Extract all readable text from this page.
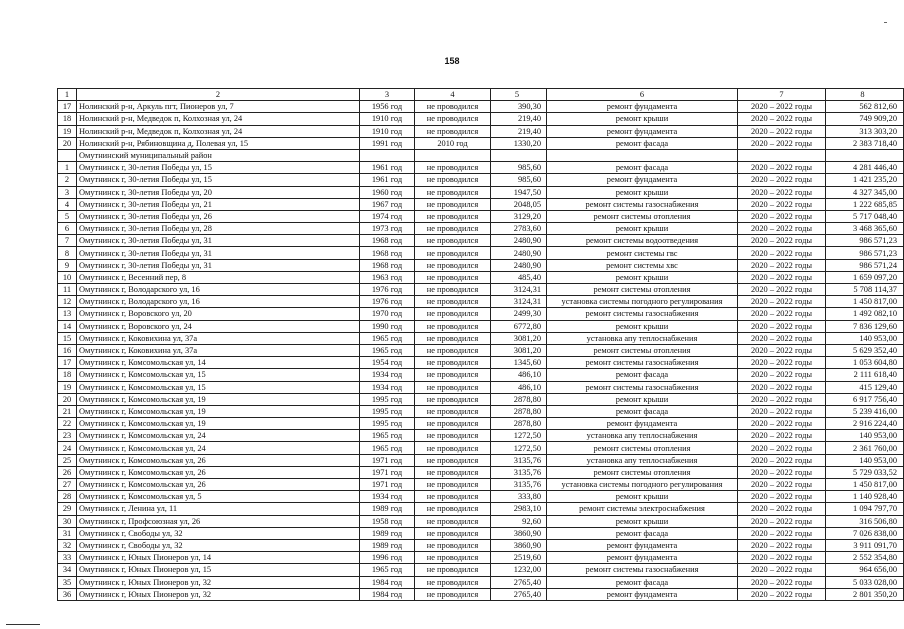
158
1	2	3	4	5	6	7	8
17	Нолинский р-н, Аркуль пгт, Пионеров ул, 7	1956 год	не проводился	390,30	ремонт фундамента	2020 – 2022 годы	562 812,60
18	Нолинский р-н, Медведок п, Колхозная ул, 24	1910 год	не проводился	219,40	ремонт крыши	2020 – 2022 годы	749 909,20
19	Нолинский р-н, Медведок п, Колхозная ул, 24	1910 год	не проводился	219,40	ремонт фундамента	2020 – 2022 годы	313 303,20
20	Нолинский р-н, Рябиновщина д, Полевая ул, 15	1991 год	2010 год	1330,20	ремонт фасада	2020 – 2022 годы	2 383 718,40
	Омутнинский муниципальный район						
1	Омутнинск г, 30-летия Победы ул, 15	1961 год	не проводился	985,60	ремонт фасада	2020 – 2022 годы	4 281 446,40
2	Омутнинск г, 30-летия Победы ул, 15	1961 год	не проводился	985,60	ремонт фундамента	2020 – 2022 годы	1 421 235,20
3	Омутнинск г, 30-летия Победы ул, 20	1960 год	не проводился	1947,50	ремонт крыши	2020 – 2022 годы	4 327 345,00
4	Омутнинск г, 30-летия Победы ул, 21	1967 год	не проводился	2048,05	ремонт системы газоснабжения	2020 – 2022 годы	1 222 685,85
5	Омутнинск г, 30-летия Победы ул, 26	1974 год	не проводился	3129,20	ремонт системы отопления	2020 – 2022 годы	5 717 048,40
6	Омутнинск г, 30-летия Победы ул, 28	1973 год	не проводился	2783,60	ремонт крыши	2020 – 2022 годы	3 468 365,60
7	Омутнинск г, 30-летия Победы ул, 31	1968 год	не проводился	2480,90	ремонт системы водоотведения	2020 – 2022 годы	986 571,23
8	Омутнинск г, 30-летия Победы ул, 31	1968 год	не проводился	2480,90	ремонт системы гвс	2020 – 2022 годы	986 571,23
9	Омутнинск г, 30-летия Победы ул, 31	1968 год	не проводился	2480,90	ремонт системы хвс	2020 – 2022 годы	986 571,24
10	Омутнинск г, Весенний пер, 8	1963 год	не проводился	485,40	ремонт крыши	2020 – 2022 годы	1 659 097,20
11	Омутнинск г, Володарского ул, 16	1976 год	не проводился	3124,31	ремонт системы отопления	2020 – 2022 годы	5 708 114,37
12	Омутнинск г, Володарского ул, 16	1976 год	не проводился	3124,31	установка системы погодного регулирования	2020 – 2022 годы	1 450 817,00
13	Омутнинск г, Воровского ул, 20	1970 год	не проводился	2499,30	ремонт системы газоснабжения	2020 – 2022 годы	1 492 082,10
14	Омутнинск г, Воровского ул, 24	1990 год	не проводился	6772,80	ремонт крыши	2020 – 2022 годы	7 836 129,60
15	Омутнинск г, Коковихина ул, 37а	1965 год	не проводился	3081,20	установка апу теплоснабжения	2020 – 2022 годы	140 953,00
16	Омутнинск г, Коковихина ул, 37а	1965 год	не проводился	3081,20	ремонт системы отопления	2020 – 2022 годы	5 629 352,40
17	Омутнинск г, Комсомольская ул, 14	1954 год	не проводился	1345,60	ремонт системы газоснабжения	2020 – 2022 годы	1 053 604,80
18	Омутнинск г, Комсомольская ул, 15	1934 год	не проводился	486,10	ремонт фасада	2020 – 2022 годы	2 111 618,40
19	Омутнинск г, Комсомольская ул, 15	1934 год	не проводился	486,10	ремонт системы газоснабжения	2020 – 2022 годы	415 129,40
20	Омутнинск г, Комсомольская ул, 19	1995 год	не проводился	2878,80	ремонт крыши	2020 – 2022 годы	6 917 756,40
21	Омутнинск г, Комсомольская ул, 19	1995 год	не проводился	2878,80	ремонт фасада	2020 – 2022 годы	5 239 416,00
22	Омутнинск г, Комсомольская ул, 19	1995 год	не проводился	2878,80	ремонт фундамента	2020 – 2022 годы	2 916 224,40
23	Омутнинск г, Комсомольская ул, 24	1965 год	не проводился	1272,50	установка апу теплоснабжения	2020 – 2022 годы	140 953,00
24	Омутнинск г, Комсомольская ул, 24	1965 год	не проводился	1272,50	ремонт системы отопления	2020 – 2022 годы	2 361 760,00
25	Омутнинск г, Комсомольская ул, 26	1971 год	не проводился	3135,76	установка апу теплоснабжения	2020 – 2022 годы	140 953,00
26	Омутнинск г, Комсомольская ул, 26	1971 год	не проводился	3135,76	ремонт системы отопления	2020 – 2022 годы	5 729 033,52
27	Омутнинск г, Комсомольская ул, 26	1971 год	не проводился	3135,76	установка системы погодного регулирования	2020 – 2022 годы	1 450 817,00
28	Омутнинск г, Комсомольская ул, 5	1934 год	не проводился	333,80	ремонт крыши	2020 – 2022 годы	1 140 928,40
29	Омутнинск г, Ленина ул, 11	1989 год	не проводился	2983,10	ремонт системы электроснабжения	2020 – 2022 годы	1 094 797,70
30	Омутнинск г, Профсоюзная ул, 26	1958 год	не проводился	92,60	ремонт крыши	2020 – 2022 годы	316 506,80
31	Омутнинск г, Свободы ул, 32	1989 год	не проводился	3860,90	ремонт фасада	2020 – 2022 годы	7 026 838,00
32	Омутнинск г, Свободы ул, 32	1989 год	не проводился	3860,90	ремонт фундамента	2020 – 2022 годы	3 911 091,70
33	Омутнинск г, Юных Пионеров ул, 14	1996 год	не проводился	2519,60	ремонт фундамента	2020 – 2022 годы	2 552 354,80
34	Омутнинск г, Юных Пионеров ул, 15	1965 год	не проводился	1232,00	ремонт системы газоснабжения	2020 – 2022 годы	964 656,00
35	Омутнинск г, Юных Пионеров ул, 32	1984 год	не проводился	2765,40	ремонт фасада	2020 – 2022 годы	5 033 028,00
36	Омутнинск г, Юных Пионеров ул, 32	1984 год	не проводился	2765,40	ремонт фундамента	2020 – 2022 годы	2 801 350,20
